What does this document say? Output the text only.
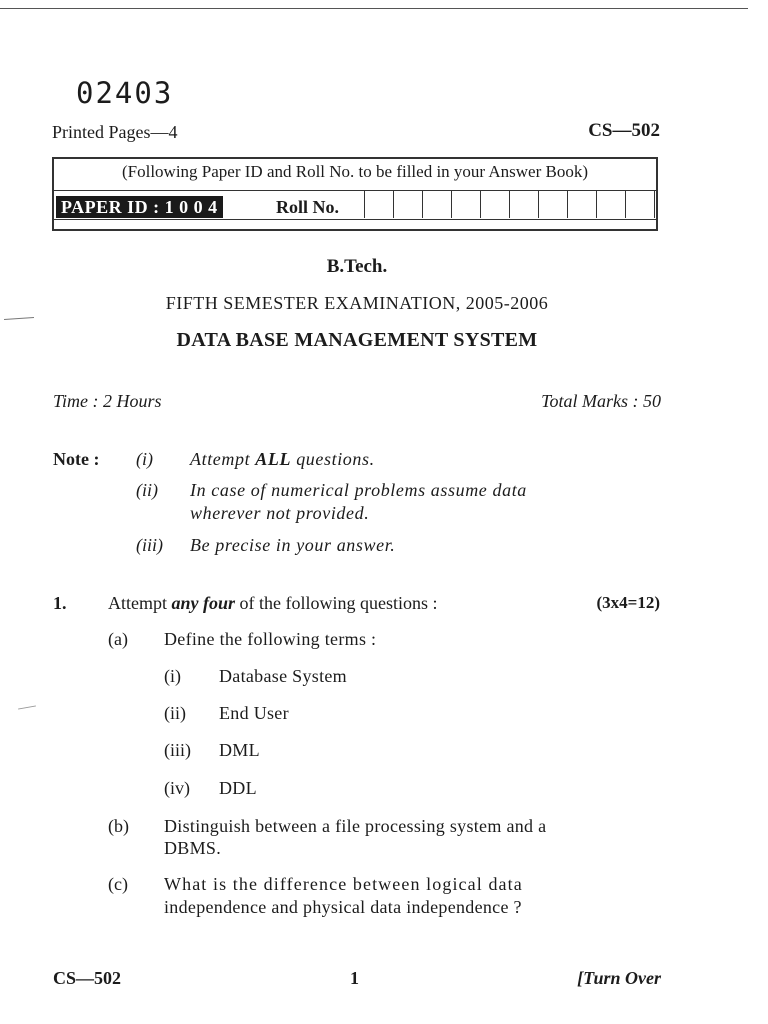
02403
Printed Pages—4	CS—502
(Following Paper ID and Roll No. to be filled in your Answer Book)
PAPER ID : 1 0 0 4	Roll No.
B.Tech.
FIFTH SEMESTER EXAMINATION, 2005-2006
DATA BASE MANAGEMENT SYSTEM
Time : 2 Hours	Total Marks : 50
Note : (i) Attempt ALL questions.
(ii) In case of numerical problems assume data
wherever not provided.
(iii) Be precise in your answer.
1. Attempt any four of the following questions :	(3x4=12)
(a) Define the following terms :
(i) Database System
(ii) End User
(iii) DML
(iv) DDL
(b) Distinguish between a file processing system and a
DBMS.
(c) What is the difference between logical data
independence and physical data independence ?
CS—502	1	[Turn Over
